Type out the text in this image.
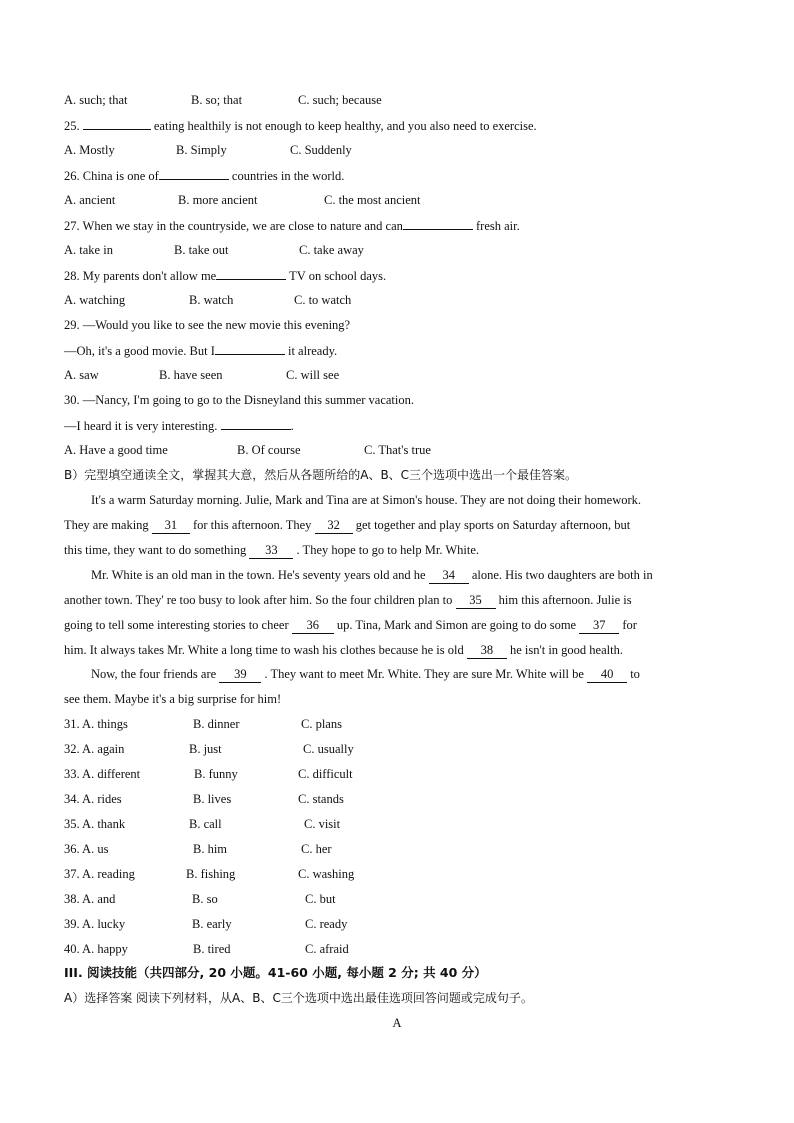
A. such; that	B. so; that	C. such; because
25.	eating healthily is not enough to keep healthy, and you also need to exercise.
A. Mostly	B. Simply	C. Suddenly
26. China is one of	countries in the world.
A. ancient	B. more ancient	C. the most ancient
27. When we stay in the countryside, we are close to nature and can	fresh air.
A. take in	B. take out	C. take away
28. My parents don't allow me	TV on school days.
A. watching	B. watch	C. to watch
29. —Would you like to see the new movie this evening?
—Oh, it's a good movie. But I	it already.
A. saw	B. have seen	C. will see
30. —Nancy, I'm going to go to the Disneyland this summer vacation.
—I heard it is very interesting.	.
A. Have a good time	B. Of course	C. That's true
B）完型填空通读全文，掌握其大意，然后从各题所给的A、B、C三个选项中选出一个最佳答案。
It's a warm Saturday morning. Julie, Mark and Tina are at Simon's house. They are not doing their homework.
They are making 31 for this afternoon. They 32 get together and play sports on Saturday afternoon, but
this time, they want to do something 33 . They hope to go to help Mr. White.
Mr. White is an old man in the town. He's seventy years old and he 34 alone. His two daughters are both in
another town. They' re too busy to look after him. So the four children plan to 35 him this afternoon. Julie is
going to tell some interesting stories to cheer 36 up. Tina, Mark and Simon are going to do some 37 for
him. It always takes Mr. White a long time to wash his clothes because he is old 38 he isn't in good health.
Now, the four friends are 39 . They want to meet Mr. White. They are sure Mr. White will be 40 to
see them. Maybe it's a big surprise for him!
31. A. things	B. dinner	C. plans
32. A. again	B. just	C. usually
33. A. different	B. funny	C. difficult
34. A. rides	B. lives	C. stands
35. A. thank	B. call	C. visit
36. A. us	B. him	C. her
37. A. reading	B. fishing	C. washing
38. A. and	B. so	C. but
39. A. lucky	B. early	C. ready
40. A. happy	B. tired	C. afraid
III. 阅读技能（共四部分, 20 小题。41-60 小题, 每小题 2 分; 共 40 分）
A）选择答案 阅读下列材料，从A、B、C三个选项中选出最佳选项回答问题或完成句子。
A
